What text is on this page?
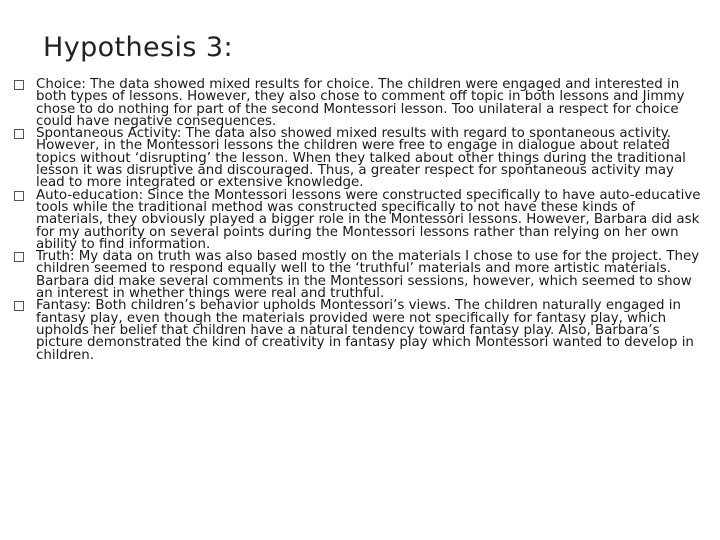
Hypothesis 3:
Choice: The data showed mixed results for choice. The children were engaged and interested in both types of lessons. However, they also chose to comment off topic in both lessons and Jimmy chose to do nothing for part of the second Montessori lesson. Too unilateral a respect for choice could have negative consequences.
Spontaneous Activity: The data also showed mixed results with regard to spontaneous activity. However, in the Montessori lessons the children were free to engage in dialogue about related topics without ‘disrupting’ the lesson. When they talked about other things during the traditional lesson it was disruptive and discouraged. Thus, a greater respect for spontaneous activity may lead to more integrated or extensive knowledge.
Auto-education: Since the Montessori lessons were constructed specifically to have auto-educative tools while the traditional method was constructed specifically to not have these kinds of materials, they obviously played a bigger role in the Montessori lessons. However, Barbara did ask for my authority on several points during the Montessori lessons rather than relying on her own ability to find information.
Truth: My data on truth was also based mostly on the materials I chose to use for the project. They children seemed to respond equally well to the ‘truthful’ materials and more artistic materials. Barbara did make several comments in the Montessori sessions, however, which seemed to show an interest in whether things were real and truthful.
Fantasy: Both children’s behavior upholds Montessori’s views. The children naturally engaged in fantasy play, even though the materials provided were not specifically for fantasy play, which upholds her belief that children have a natural tendency toward fantasy play. Also, Barbara’s picture demonstrated the kind of creativity in fantasy play which Montessori wanted to develop in children.
